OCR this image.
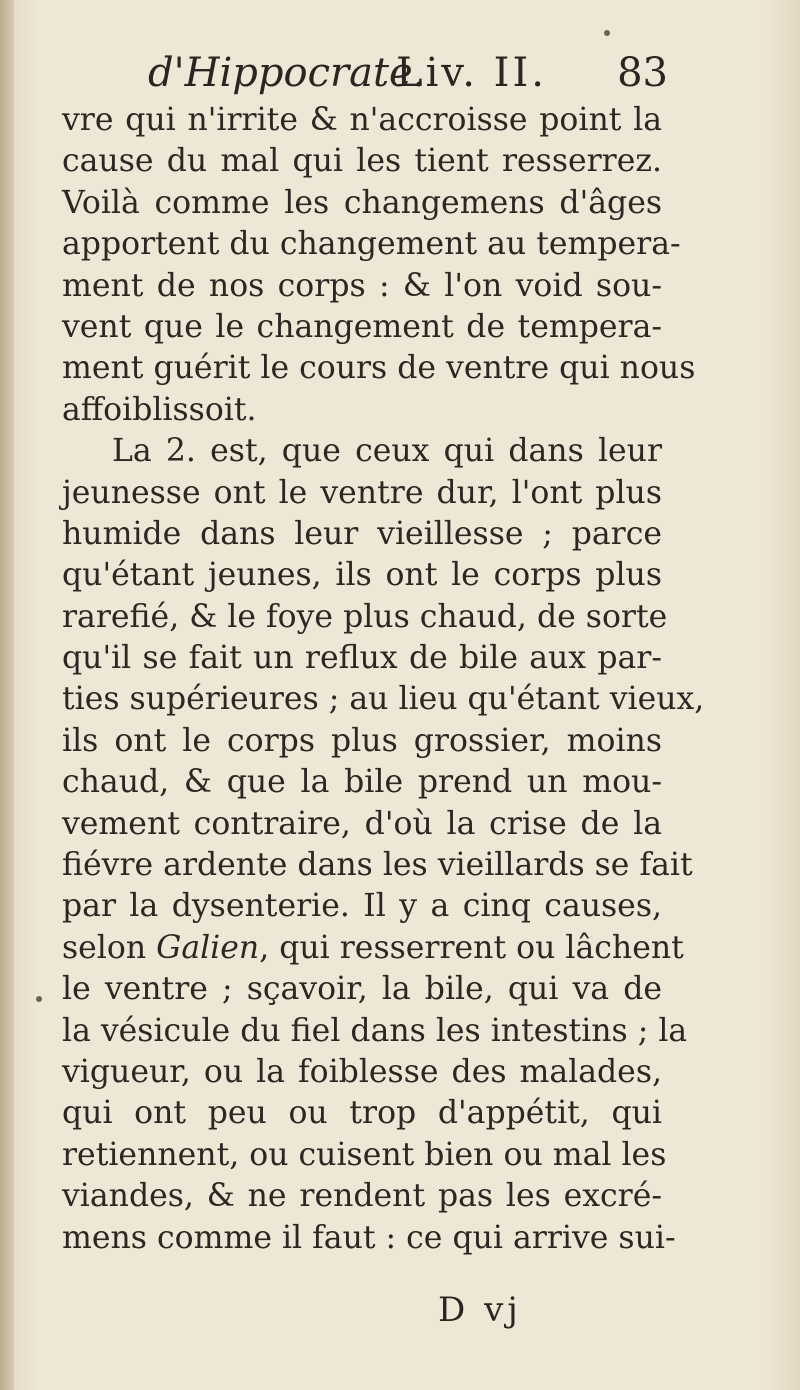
d'Hippocrate.
Liv. II. 83
vre qui n'irrite & n'accroisse point la
cause du mal qui les tient resserrez.
Voilà comme les changemens d'âges
apportent du changement au tempera-
ment de nos corps : & l'on void sou-
vent que le changement de tempera-
ment guérit le cours de ventre qui nous
affoiblissoit.
La 2. est, que ceux qui dans leur
jeunesse ont le ventre dur, l'ont plus
humide dans leur vieillesse ; parce
qu'étant jeunes, ils ont le corps plus
rarefié, & le foye plus chaud, de sorte
qu'il se fait un reflux de bile aux par-
ties supérieures ; au lieu qu'étant vieux,
ils ont le corps plus grossier, moins
chaud, & que la bile prend un mou-
vement contraire, d'où la crise de la
fiévre ardente dans les vieillards se fait
par la dysenterie. Il y a cinq causes,
selon Galien, qui resserrent ou lâchent
le ventre ; sçavoir, la bile, qui va de
la vésicule du fiel dans les intestins ; la
vigueur, ou la foiblesse des malades,
qui ont peu ou trop d'appétit, qui
retiennent, ou cuisent bien ou mal les
viandes, & ne rendent pas les excré-
mens comme il faut : ce qui arrive sui-
D vj
